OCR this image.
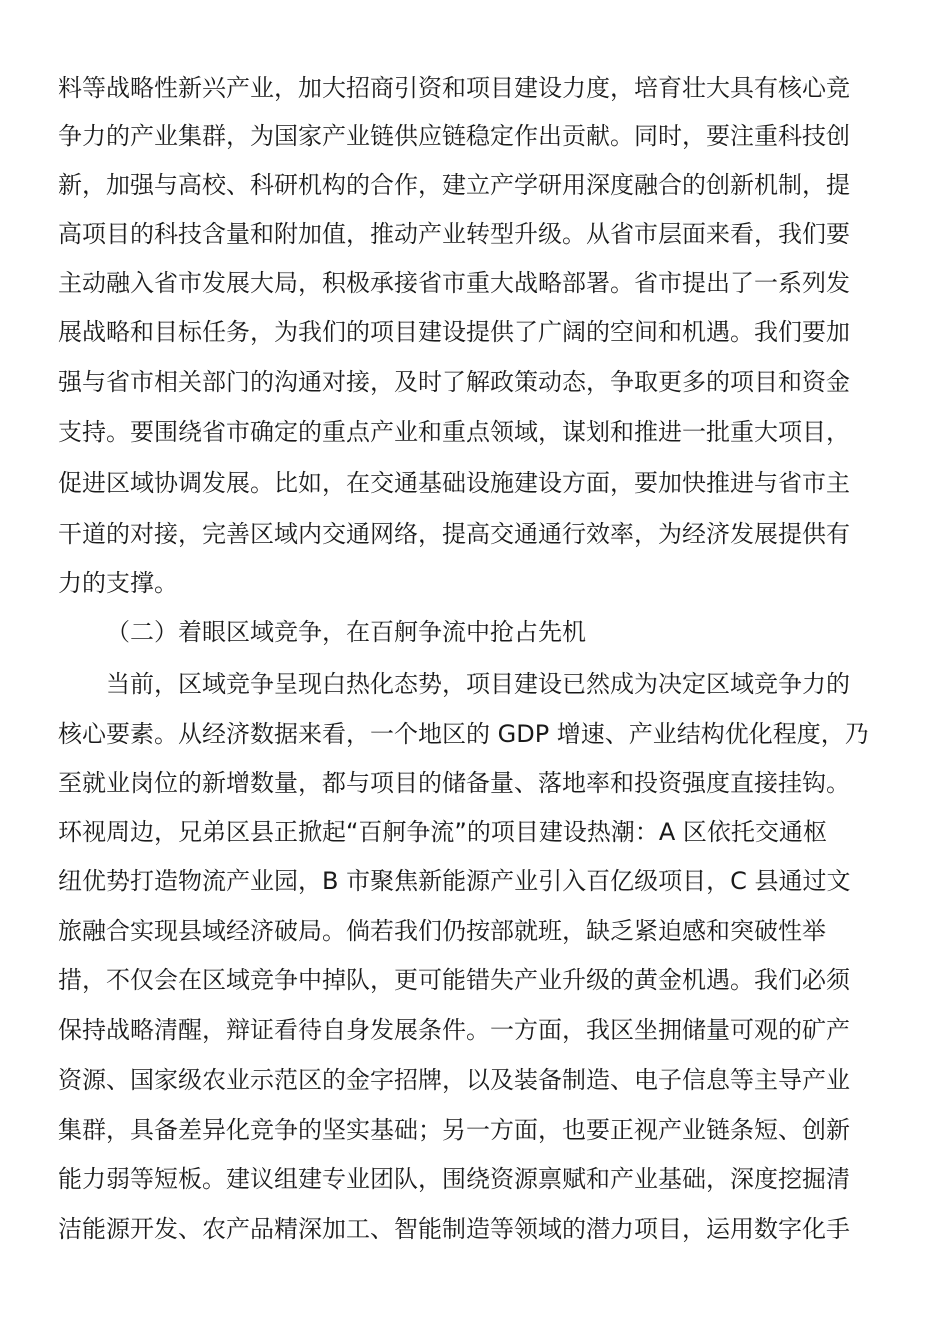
料等战略性新兴产业，加大招商引资和项目建设力度，培育壮大具有核心竞
争力的产业集群，为国家产业链供应链稳定作出贡献。同时，要注重科技创
新，加强与高校、科研机构的合作，建立产学研用深度融合的创新机制，提
高项目的科技含量和附加值，推动产业转型升级。从省市层面来看，我们要
主动融入省市发展大局，积极承接省市重大战略部署。省市提出了一系列发
展战略和目标任务，为我们的项目建设提供了广阔的空间和机遇。我们要加
强与省市相关部门的沟通对接，及时了解政策动态，争取更多的项目和资金
支持。要围绕省市确定的重点产业和重点领域，谋划和推进一批重大项目，
促进区域协调发展。比如，在交通基础设施建设方面，要加快推进与省市主
干道的对接，完善区域内交通网络，提高交通通行效率，为经济发展提供有
力的支撑。
（二）着眼区域竞争，在百舸争流中抢占先机
当前，区域竞争呈现白热化态势，项目建设已然成为决定区域竞争力的
核心要素。从经济数据来看，一个地区的 GDP 增速、产业结构优化程度，乃
至就业岗位的新增数量，都与项目的储备量、落地率和投资强度直接挂钩。
环视周边，兄弟区县正掀起“百舸争流”的项目建设热潮：A 区依托交通枢
纽优势打造物流产业园，B 市聚焦新能源产业引入百亿级项目，C 县通过文
旅融合实现县域经济破局。倘若我们仍按部就班，缺乏紧迫感和突破性举
措，不仅会在区域竞争中掉队，更可能错失产业升级的黄金机遇。我们必须
保持战略清醒，辩证看待自身发展条件。一方面，我区坐拥储量可观的矿产
资源、国家级农业示范区的金字招牌，以及装备制造、电子信息等主导产业
集群，具备差异化竞争的坚实基础；另一方面，也要正视产业链条短、创新
能力弱等短板。建议组建专业团队，围绕资源禀赋和产业基础，深度挖掘清
洁能源开发、农产品精深加工、智能制造等领域的潜力项目，运用数字化手
